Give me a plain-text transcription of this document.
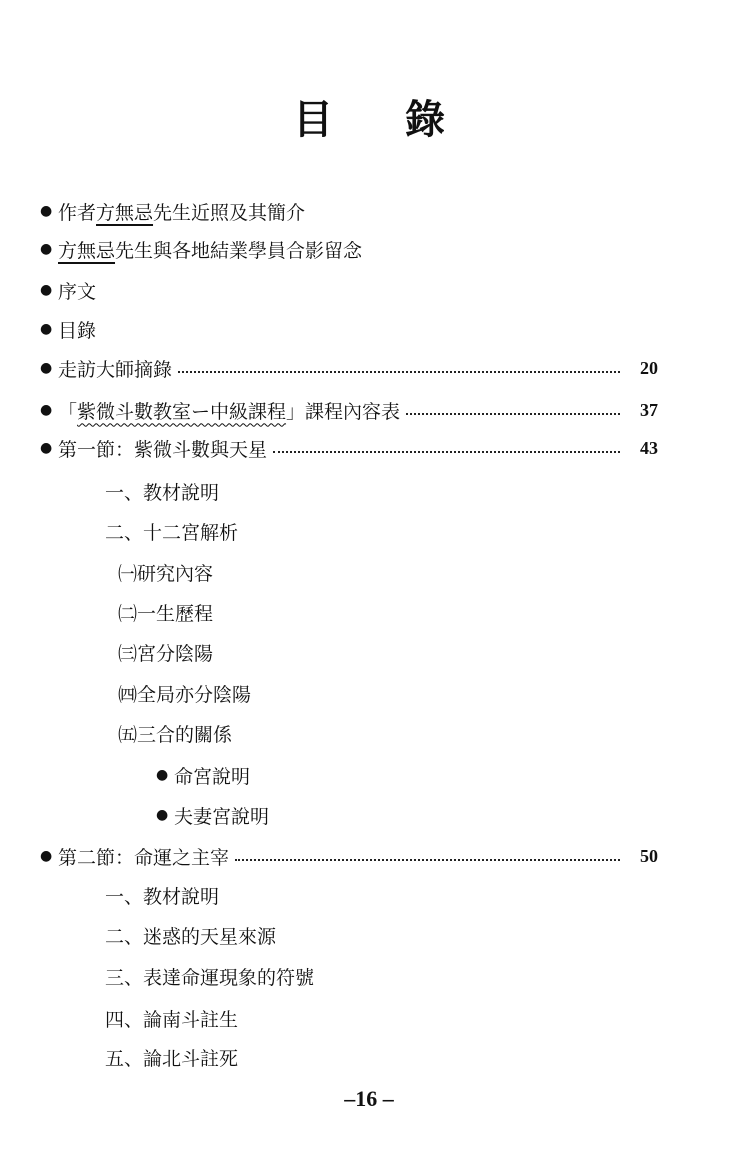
目 錄
● 作者方無忌先生近照及其簡介
● 方無忌先生與各地結業學員合影留念
● 序文
● 目錄
● 走訪大師摘錄	20
● 「紫微斗數教室ー中級課程」課程內容表	37
● 第一節：紫微斗數與天星	43
一、教材說明
二、十二宮解析
㈠研究內容
㈡一生歷程
㈢宮分陰陽
㈣全局亦分陰陽
㈤三合的關係
● 命宮說明
● 夫妻宮說明
● 第二節：命運之主宰	50
一、教材說明
二、迷惑的天星來源
三、表達命運現象的符號
四、論南斗註生
五、論北斗註死
–16 –
